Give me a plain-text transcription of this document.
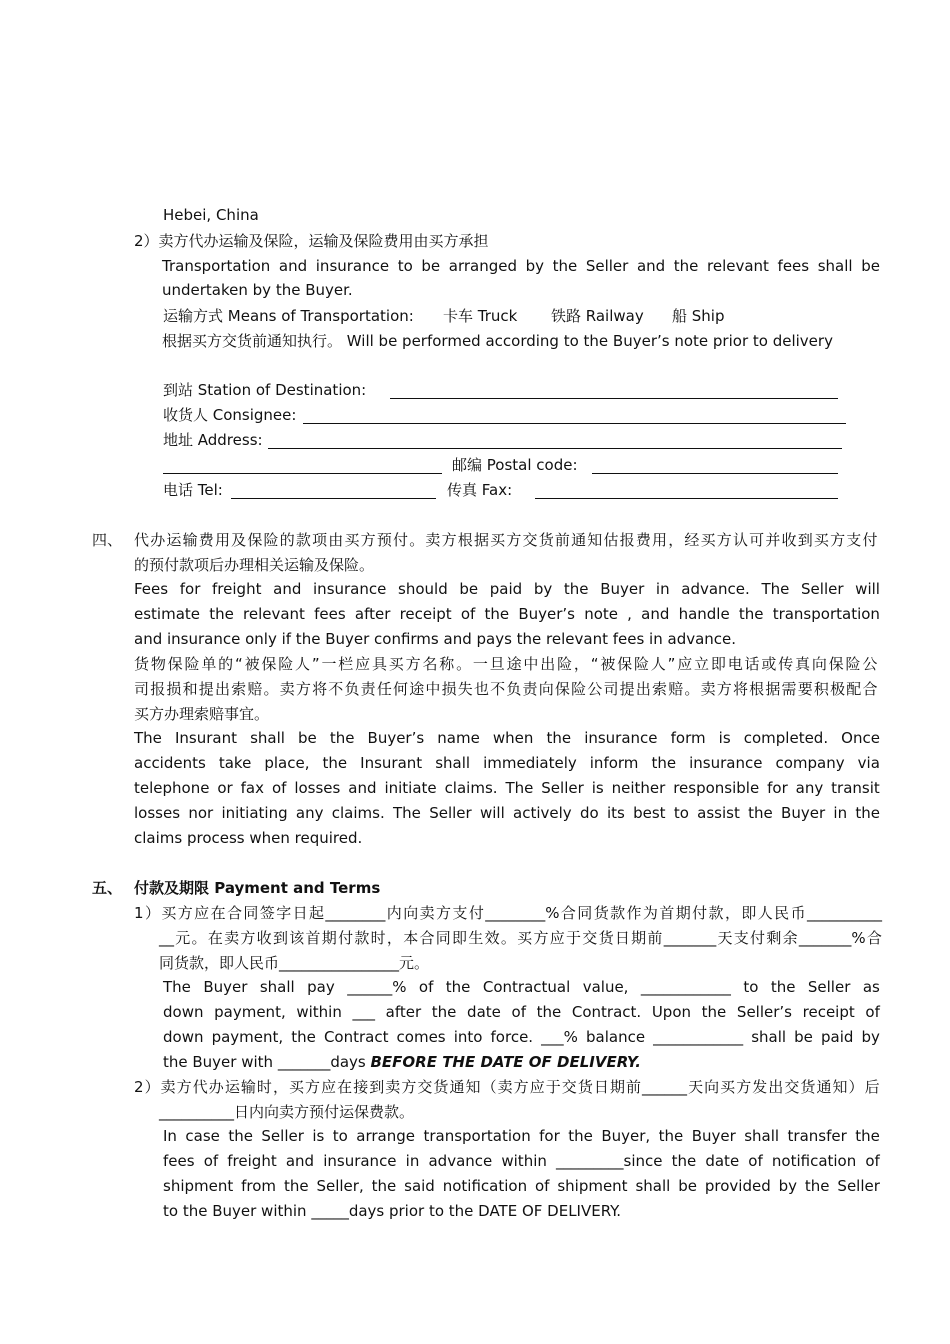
Hebei, China
2）卖方代办运输及保险，运输及保险费用由买方承担
Transportation and insurance to be arranged by the Seller and the relevant fees shall be
undertaken by the Buyer.
运输方式 Means of Transportation: 卡车 Truck 铁路 Railway 船 Ship
根据买方交货前通知执行。 Will be performed according to the Buyer’s note prior to delivery
到站 Station of Destination:
收货人 Consignee:
地址 Address:
邮编 Postal code:
电话 Tel:	传真 Fax:
四、 代 办 运 输 费 用 及 保 险 的 款 项 由 买 方 预 付 。 卖 方 根 据 买 方 交 货 前 通 知 估 报 费 用 ， 经 买 方 认 可 并 收 到 买 方 支 付
的预付款项后办理相关运输及保险。
Fees for freight and insurance should be paid by the Buyer in advance. The Seller will
estimate the relevant fees after receipt of the Buyer’s note , and handle the transportation
and insurance only if the Buyer confirms and pays the relevant fees in advance.
货 物 保 险 单 的 “ 被 保 险 人 ” 一 栏 应 具 买 方 名 称 。 一 旦 途 中 出 险 ， “ 被 保 险 人 ” 应 立 即 电 话 或 传 真 向 保 险 公
司 报 损 和 提 出 索 赔 。 卖 方 将 不 负 责 任 何 途 中 损 失 也 不 负 责 向 保 险 公 司 提 出 索 赔 。 卖 方 将 根 据 需 要 积 极 配 合
买方办理索赔事宜。
The Insurant shall be the Buyer’s name when the insurance form is completed. Once
accidents take place, the Insurant shall immediately inform the insurance company via
telephone or fax of losses and initiate claims. The Seller is neither responsible for any transit
losses nor initiating any claims. The Seller will actively do its best to assist the Buyer in the
claims process when required.
五、 付款及期限 Payment and Terms
1 ） 买 方 应 在 合 同 签 字 日 起 ________ 内 向 卖 方 支 付 ________% 合 同 货 款 作 为 首 期 付 款 ， 即 人 民 币 __________
__ 元 。 在 卖 方 收 到 该 首 期 付 款 时 ， 本 合 同 即 生 效 。 买 方 应 于 交 货 日 期 前 _______ 天 支 付 剩 余 _______% 合
同货款，即人民币________________元。
The Buyer shall pay ______% of the Contractual value, ____________ to the Seller as
down payment, within ___ after the date of the Contract. Upon the Seller’s receipt of
down payment, the Contract comes into force. ___% balance ____________ shall be paid by
the Buyer with _______days BEFORE THE DATE OF DELIVERY.
2 ） 卖 方 代 办 运 输 时 ， 买 方 应 在 接 到 卖 方 交 货 通 知 （ 卖 方 应 于 交 货 日 期 前 ______ 天 向 买 方 发 出 交 货 通 知 ） 后
__________日内向卖方预付运保费款。
In case the Seller is to arrange transportation for the Buyer, the Buyer shall transfer the
fees of freight and insurance in advance within _________since the date of notification of
shipment from the Seller, the said notification of shipment shall be provided by the Seller
to the Buyer within _____days prior to the DATE OF DELIVERY.
